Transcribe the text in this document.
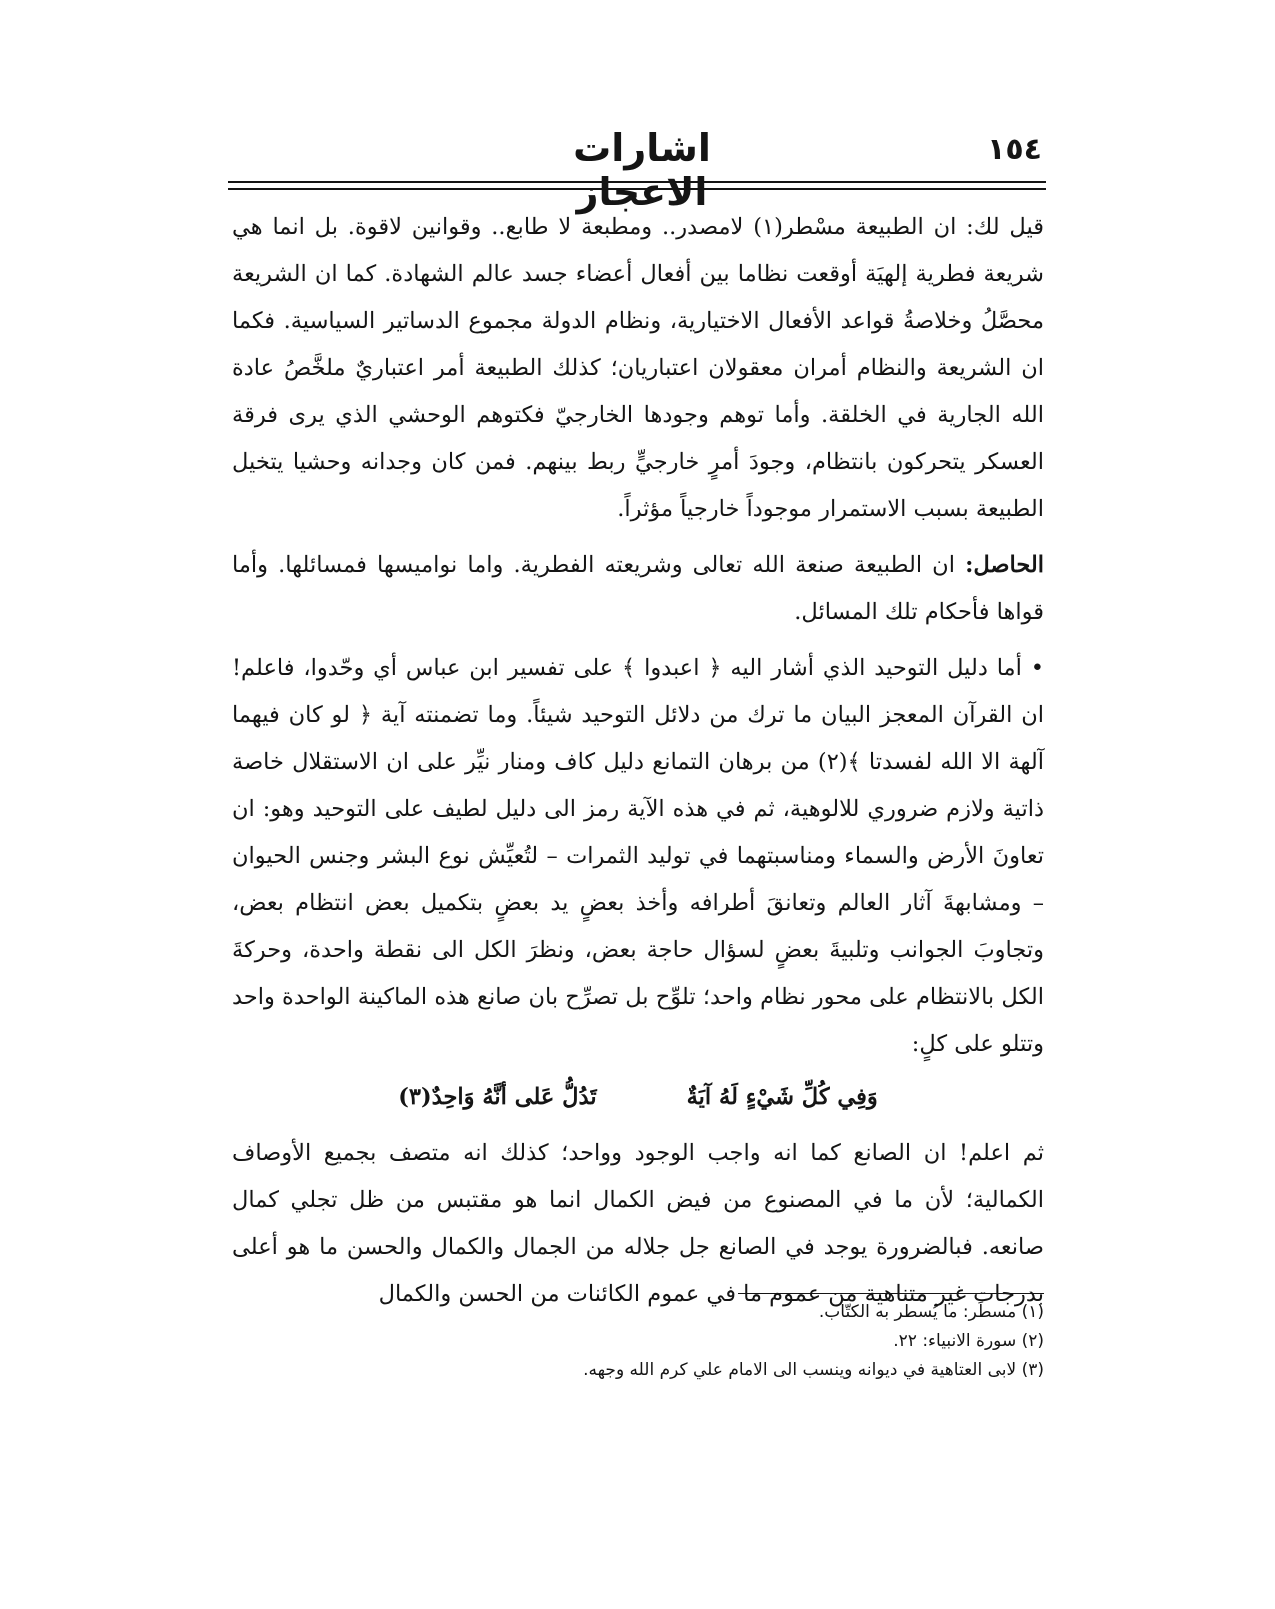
١٥٤
اشارات الاعجاز

قيل لك: ان الطبيعة مسْطر(١) لامصدر.. ومطبعة لا طابع.. وقوانين لاقوة. بل انما هي شريعة فطرية إلهيَة أوقعت نظاما بين أفعال أعضاء جسد عالم الشهادة. كما ان الشريعة محصَّلُ وخلاصةُ قواعد الأفعال الاختيارية، ونظام الدولة مجموع الدساتير السياسية. فكما ان الشريعة والنظام أمران معقولان اعتباريان؛ كذلك الطبيعة أمر اعتباريٌ ملخَّصُ عادة الله الجارية في الخلقة. وأما توهم وجودها الخارجيّ فكتوهم الوحشي الذي يرى فرقة العسكر يتحركون بانتظام، وجودَ أمرٍ خارجيٍّ ربط بينهم. فمن كان وجدانه وحشيا يتخيل الطبيعة بسبب الاستمرار موجوداً خارجياً مؤثراً.

الحاصل: ان الطبيعة صنعة الله تعالى وشريعته الفطرية. واما نواميسها فمسائلها. وأما قواها فأحكام تلك المسائل.

• أما دليل التوحيد الذي أشار اليه ﴿ اعبدوا ﴾ على تفسير ابن عباس أي وحّدوا، فاعلم! ان القرآن المعجز البيان ما ترك من دلائل التوحيد شيئاً. وما تضمنته آية ﴿ لو كان فيهما آلهة الا الله لفسدتا ﴾(٢) من برهان التمانع دليل كاف ومنار نيِّر على ان الاستقلال خاصة ذاتية ولازم ضروري للالوهية، ثم في هذه الآية رمز الى دليل لطيف على التوحيد وهو: ان تعاونَ الأرض والسماء ومناسبتهما في توليد الثمرات – لتُعيِّش نوع البشر وجنس الحيوان – ومشابهةَ آثار العالم وتعانقَ أطرافه وأخذ بعضٍ يد بعضٍ بتكميل بعض انتظام بعض، وتجاوبَ الجوانب وتلبيةَ بعضٍ لسؤال حاجة بعض، ونظرَ الكل الى نقطة واحدة، وحركةَ الكل بالانتظام على محور نظام واحد؛ تلوِّح بل تصرِّح بان صانع هذه الماكينة الواحدة واحد وتتلو على كلٍ:

وَفِي كُلِّ شَيْءٍ لَهُ آيَةٌ
تَدُلُّ عَلى أنَّهُ وَاحِدٌ(٣)

ثم اعلم! ان الصانع كما انه واجب الوجود وواحد؛ كذلك انه متصف بجميع الأوصاف الكمالية؛ لأن ما في المصنوع من فيض الكمال انما هو مقتبس من ظل تجلي كمال صانعه. فبالضرورة يوجد في الصانع جل جلاله من الجمال والكمال والحسن ما هو أعلى بدرجات غير متناهية من عموم ما في عموم الكائنات من الحسن والكمال

(١) مسطَر: ما يُسطر به الكتّاب.
(٢) سورة الانبياء: ٢٢.
(٣) لابى العتاهية في ديوانه وينسب الى الامام علي كرم الله وجهه.
